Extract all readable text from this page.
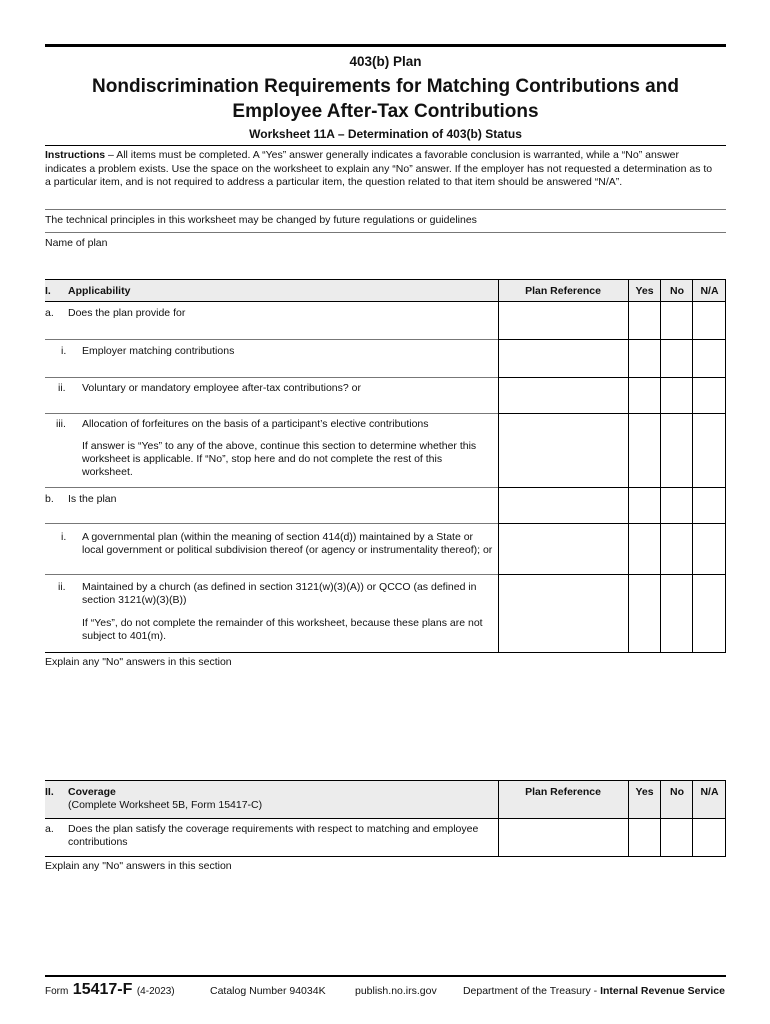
403(b) Plan
Nondiscrimination Requirements for Matching Contributions and
Employee After-Tax Contributions
Worksheet 11A – Determination of 403(b) Status
Instructions – All items must be completed. A “Yes” answer generally indicates a favorable conclusion is warranted, while a “No” answer indicates a problem exists. Use the space on the worksheet to explain any “No” answer. If the employer has not requested a determination as to a particular item, and is not required to address a particular item, the question related to that item should be answered “N/A”.
The technical principles in this worksheet may be changed by future regulations or guidelines
Name of plan
I. Applicability	Plan Reference	Yes	No	N/A
a. Does the plan provide for
i. Employer matching contributions
ii. Voluntary or mandatory employee after-tax contributions? or
iii. Allocation of forfeitures on the basis of a participant’s elective contributions
If answer is “Yes” to any of the above, continue this section to determine whether this worksheet is applicable. If “No”, stop here and do not complete the rest of this worksheet.
b. Is the plan
i. A governmental plan (within the meaning of section 414(d)) maintained by a State or local government or political subdivision thereof (or agency or instrumentality thereof); or
ii. Maintained by a church (as defined in section 3121(w)(3)(A)) or QCCO (as defined in section 3121(w)(3)(B))
If “Yes”, do not complete the remainder of this worksheet, because these plans are not subject to 401(m).
Explain any "No" answers in this section
II. Coverage
(Complete Worksheet 5B, Form 15417-C)
Plan Reference	Yes	No	N/A
a. Does the plan satisfy the coverage requirements with respect to matching and employee contributions
Explain any "No" answers in this section
Form 15417-F (4-2023)	Catalog Number 94034K	publish.no.irs.gov Department of the Treasury - Internal Revenue Service
